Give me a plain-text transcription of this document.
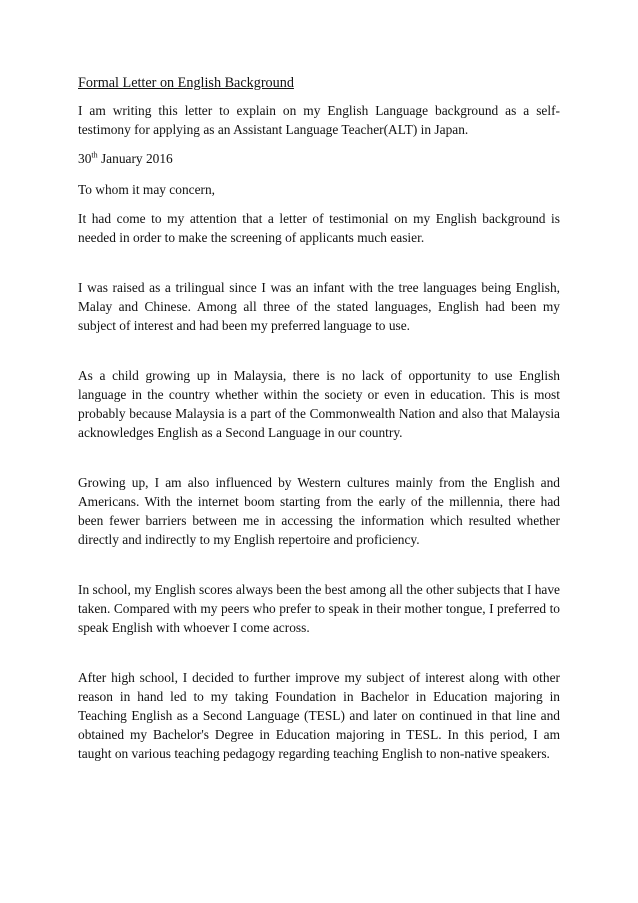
Formal Letter on English Background

I am writing this letter to explain on my English Language background as a self-testimony for applying as an Assistant Language Teacher(ALT) in Japan.

30th January 2016

To whom it may concern,

It had come to my attention that a letter of testimonial on my English background is needed in order to make the screening of applicants much easier.

I was raised as a trilingual since I was an infant with the tree languages being English, Malay and Chinese. Among all three of the stated languages, English had been my subject of interest and had been my preferred language to use.

As a child growing up in Malaysia, there is no lack of opportunity to use English language in the country whether within the society or even in education. This is most probably because Malaysia is a part of the Commonwealth Nation and also that Malaysia acknowledges English as a Second Language in our country.

Growing up, I am also influenced by Western cultures mainly from the English and Americans. With the internet boom starting from the early of the millennia, there had been fewer barriers between me in accessing the information which resulted whether directly and indirectly to my English repertoire and proficiency.

In school, my English scores always been the best among all the other subjects that I have taken. Compared with my peers who prefer to speak in their mother tongue, I preferred to speak English with whoever I come across.

After high school, I decided to further improve my subject of interest along with other reason in hand led to my taking Foundation in Bachelor in Education majoring in Teaching English as a Second Language (TESL) and later on continued in that line and obtained my Bachelor's Degree in Education majoring in TESL. In this period, I am taught on various teaching pedagogy regarding teaching English to non-native speakers.
